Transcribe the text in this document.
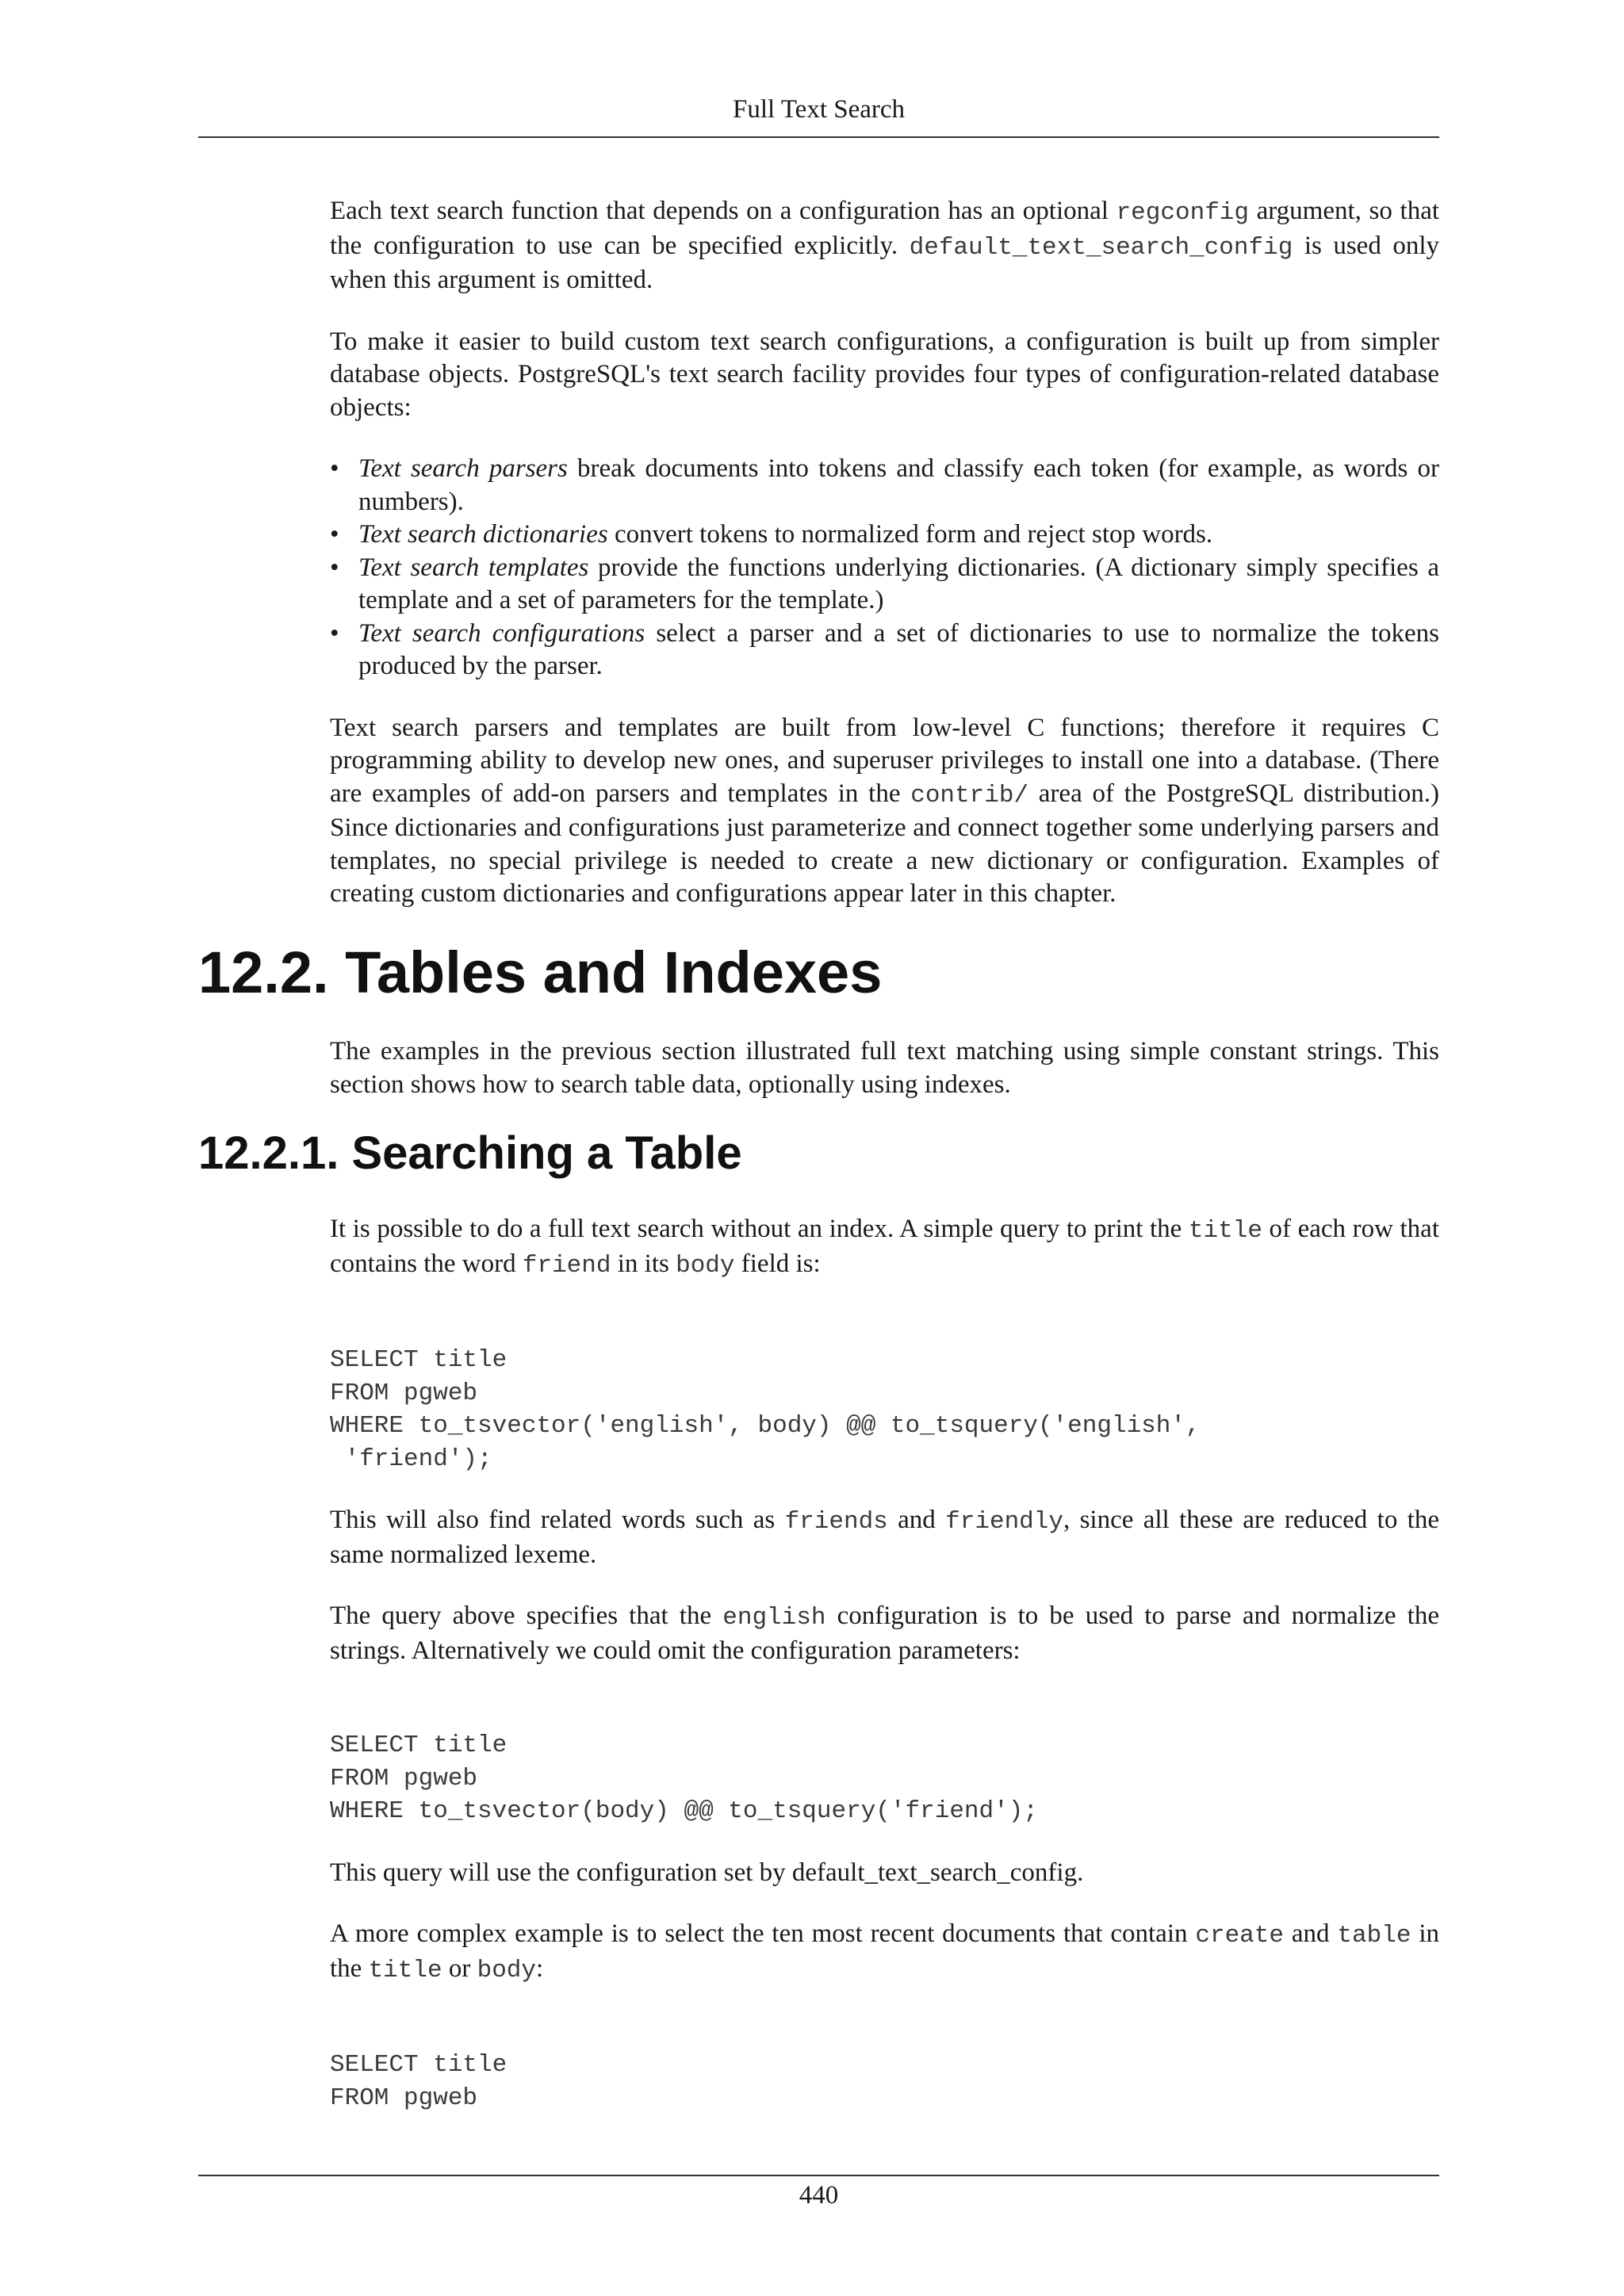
Full Text Search

Each text search function that depends on a configuration has an optional regconfig argument, so that the configuration to use can be specified explicitly. default_text_search_config is used only when this argument is omitted.

To make it easier to build custom text search configurations, a configuration is built up from simpler database objects. PostgreSQL's text search facility provides four types of configuration-related database objects:

• Text search parsers break documents into tokens and classify each token (for example, as words or numbers).
• Text search dictionaries convert tokens to normalized form and reject stop words.
• Text search templates provide the functions underlying dictionaries. (A dictionary simply specifies a template and a set of parameters for the template.)
• Text search configurations select a parser and a set of dictionaries to use to normalize the tokens produced by the parser.

Text search parsers and templates are built from low-level C functions; therefore it requires C programming ability to develop new ones, and superuser privileges to install one into a database. (There are examples of add-on parsers and templates in the contrib/ area of the PostgreSQL distribution.) Since dictionaries and configurations just parameterize and connect together some underlying parsers and templates, no special privilege is needed to create a new dictionary or configuration. Examples of creating custom dictionaries and configurations appear later in this chapter.

12.2. Tables and Indexes

The examples in the previous section illustrated full text matching using simple constant strings. This section shows how to search table data, optionally using indexes.

12.2.1. Searching a Table

It is possible to do a full text search without an index. A simple query to print the title of each row that contains the word friend in its body field is:

SELECT title
FROM pgweb
WHERE to_tsvector('english', body) @@ to_tsquery('english',
'friend');

This will also find related words such as friends and friendly, since all these are reduced to the same normalized lexeme.

The query above specifies that the english configuration is to be used to parse and normalize the strings. Alternatively we could omit the configuration parameters:

SELECT title
FROM pgweb
WHERE to_tsvector(body) @@ to_tsquery('friend');

This query will use the configuration set by default_text_search_config.

A more complex example is to select the ten most recent documents that contain create and table in the title or body:

SELECT title
FROM pgweb
440
